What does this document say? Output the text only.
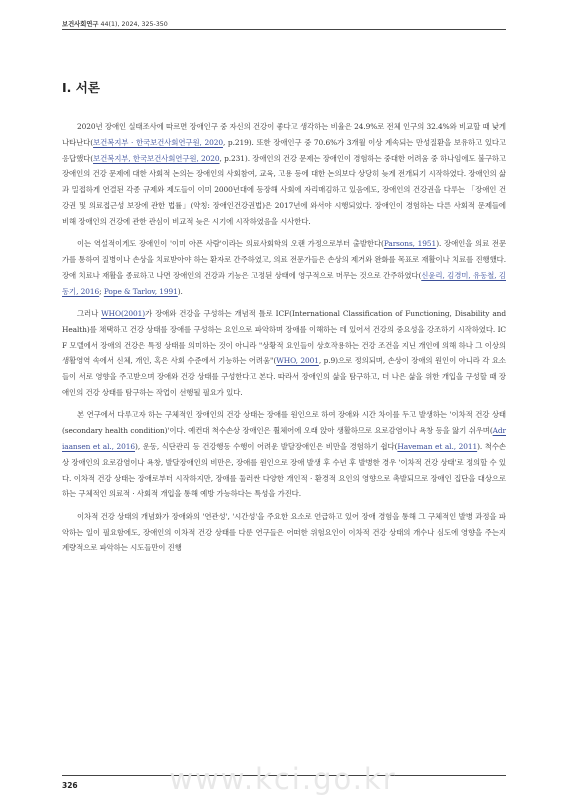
보건사회연구 44(1), 2024, 325-350
Ⅰ. 서론

2020년 장애인 실태조사에 따르면 장애인구 중 자신의 건강이 좋다고 생각하는 비율은 24.9%로 전체 인구의 32.4%와 비교할 때 낮게 나타난다(보건복지부 · 한국보건사회연구원, 2020, p.219). 또한 장애인구 중 70.6%가 3개월 이상 계속되는 만성질환을 보유하고 있다고 응답했다(보건복지부, 한국보건사회연구원, 2020, p.231). 장애인의 건강 문제는 장애인이 경험하는 중대한 어려움 중 하나임에도 불구하고 장애인의 건강 문제에 대한 사회적 논의는 장애인의 사회참여, 교육, 고용 등에 대한 논의보다 상당히 늦게 전개되기 시작하였다. 장애인의 삶과 밀접하게 연결된 각종 규제와 제도들이 이미 2000년대에 등장해 사회에 자리매김하고 있음에도, 장애인의 건강권을 다루는 「장애인 건강권 및 의료접근성 보장에 관한 법률」(약칭: 장애인건강권법)은 2017년에 와서야 시행되었다. 장애인이 경험하는 다른 사회적 문제들에 비해 장애인의 건강에 관한 관심이 비교적 늦은 시기에 시작하였음을 시사한다.

이는 역설적이게도 장애인이 '이미 아픈 사람'이라는 의료사회학의 오랜 가정으로부터 출발한다(Parsons, 1951). 장애인을 의료 전문가를 통하여 질병이나 손상을 치료받아야 하는 환자로 간주하였고, 의료 전문가들은 손상의 제거와 완화를 목표로 재활이나 치료를 진행했다. 장애 치료나 재활을 종료하고 나면 장애인의 건강과 기능은 고정된 상태에 영구적으로 머무는 것으로 간주하였다(신윤리, 김경미, 유동철, 김동기, 2016; Pope & Tarlov, 1991).

그러나 WHO(2001)가 장애와 건강을 구성하는 개념적 틀로 ICF(International Classification of Functioning, Disability and Health)를 채택하고 건강 상태를 장애를 구성하는 요인으로 파악하며 장애를 이해하는 데 있어서 건강의 중요성을 강조하기 시작하였다. ICF 모델에서 장애의 건강은 특정 상태를 의미하는 것이 아니라 "상황적 요인들이 상호작용하는 건강 조건을 지닌 개인에 의해 하나 그 이상의 생활영역 속에서 신체, 개인, 혹은 사회 수준에서 기능하는 어려움"(WHO, 2001, p.9)으로 정의되며, 손상이 장애의 원인이 아니라 각 요소들이 서로 영향을 주고받으며 장애와 건강 상태를 구성한다고 본다. 따라서 장애인의 삶을 탐구하고, 더 나은 삶을 위한 개입을 구성할 때 장애인의 건강 상태를 탐구하는 작업이 선행될 필요가 있다.

본 연구에서 다루고자 하는 구체적인 장애인의 건강 상태는 장애를 원인으로 하여 장애와 시간 차이를 두고 발생하는 '이차적 건강 상태(secondary health condition)'이다. 예컨대 척수손상 장애인은 휠체어에 오래 앉아 생활하므로 요로감염이나 욕창 등을 앓기 쉬우며(Adriaansen et al., 2016), 운동, 식단관리 등 건강행동 수행이 어려운 발달장애인은 비만을 경험하기 쉽다(Haveman et al., 2011). 척수손상 장애인의 요로감염이나 욕창, 발달장애인의 비만은, 장애를 원인으로 장애 발생 후 수년 후 발병한 경우 '이차적 건강 상태'로 정의할 수 있다. 이차적 건강 상태는 장애로부터 시작하지만, 장애를 둘러싼 다양한 개인적 · 환경적 요인의 영향으로 촉발되므로 장애인 집단을 대상으로 하는 구체적인 의료적 · 사회적 개입을 통해 예방 가능하다는 특성을 가진다.

이차적 건강 상태의 개념화가 장애와의 '연관성', '시간성'을 주요한 요소로 언급하고 있어 장애 경험을 통해 그 구체적인 발병 과정을 파악하는 일이 필요함에도, 장애인의 이차적 건강 상태를 다룬 연구들은 어떠한 위험요인이 이차적 건강 상태의 개수나 심도에 영향을 주는지 계량적으로 파악하는 시도들만이 진행

www.kci.go.kr
326
